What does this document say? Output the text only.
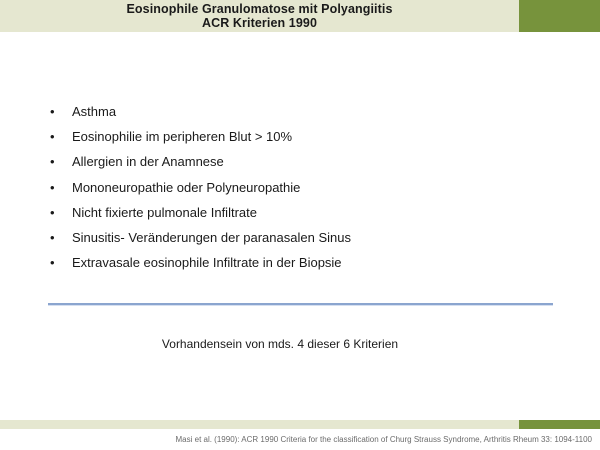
Eosinophile Granulomatose mit Polyangiitis
ACR Kriterien 1990
• Asthma
• Eosinophilie im peripheren Blut > 10%
• Allergien in der Anamnese
• Mononeuropathie oder Polyneuropathie
• Nicht fixierte pulmonale Infiltrate
• Sinusitis- Veränderungen der paranasalen Sinus
• Extravasale eosinophile Infiltrate in der Biopsie
Vorhandensein von mds. 4 dieser 6 Kriterien
Masi et al. (1990): ACR 1990 Criteria for the classification of Churg Strauss Syndrome, Arthritis Rheum 33: 1094-1100
